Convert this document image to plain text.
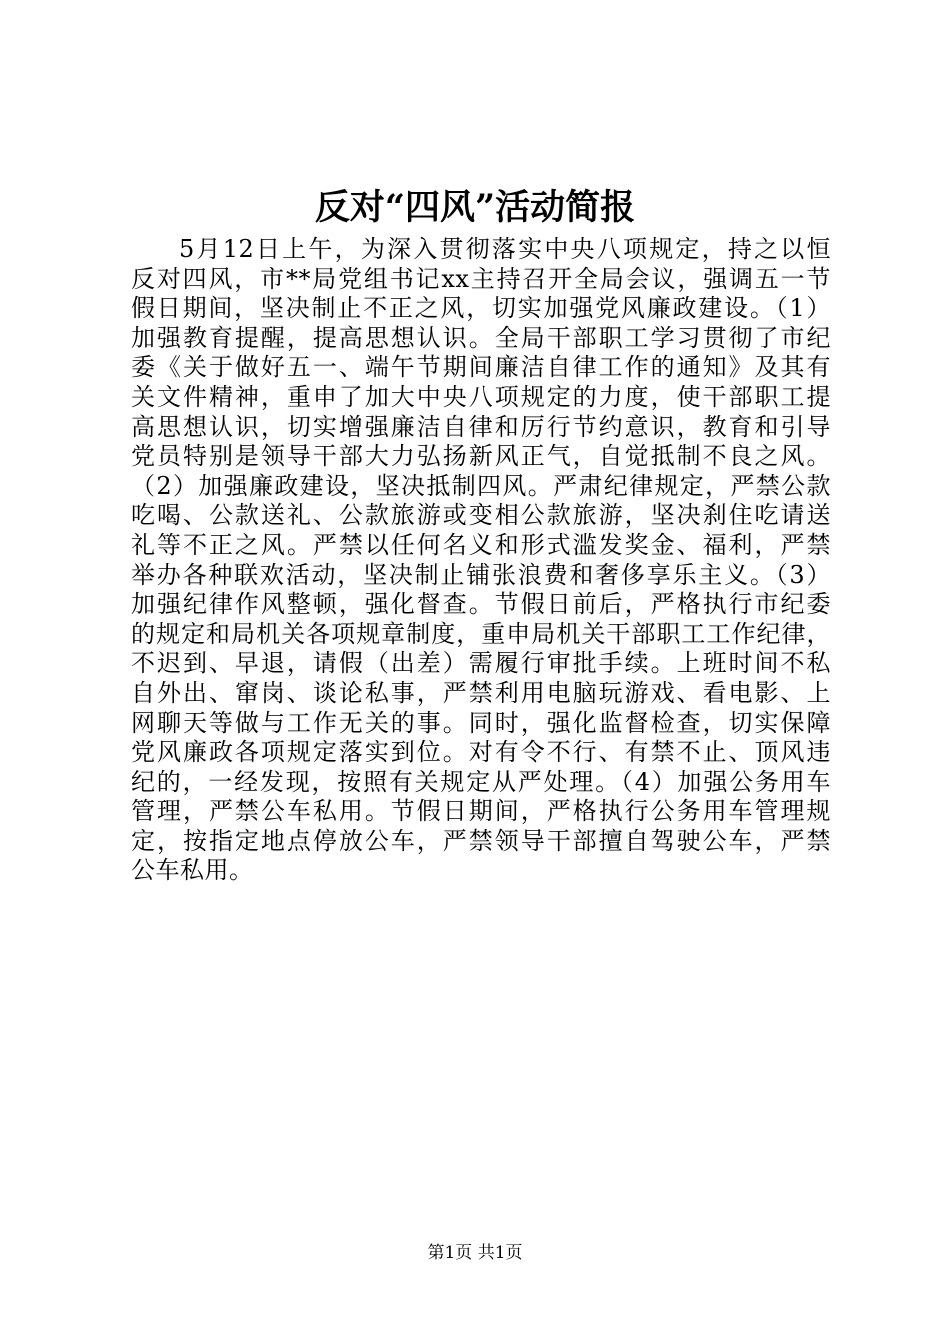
反对“四风”活动简报
5月12日上午，为深入贯彻落实中央八项规定，持之以恒
反对四风，市**局党组书记xx主持召开全局会议，强调五一节
假日期间，坚决制止不正之风，切实加强党风廉政建设。（1）
加强教育提醒，提高思想认识。全局干部职工学习贯彻了市纪
委《关于做好五一、端午节期间廉洁自律工作的通知》及其有
关文件精神，重申了加大中央八项规定的力度，使干部职工提
高思想认识，切实增强廉洁自律和厉行节约意识，教育和引导
党员特别是领导干部大力弘扬新风正气，自觉抵制不良之风。
（2）加强廉政建设，坚决抵制四风。严肃纪律规定，严禁公款
吃喝、公款送礼、公款旅游或变相公款旅游，坚决刹住吃请送
礼等不正之风。严禁以任何名义和形式滥发奖金、福利，严禁
举办各种联欢活动，坚决制止铺张浪费和奢侈享乐主义。（3）
加强纪律作风整顿，强化督查。节假日前后，严格执行市纪委
的规定和局机关各项规章制度，重申局机关干部职工工作纪律，
不迟到、早退，请假（出差）需履行审批手续。上班时间不私
自外出、窜岗、谈论私事，严禁利用电脑玩游戏、看电影、上
网聊天等做与工作无关的事。同时，强化监督检查，切实保障
党风廉政各项规定落实到位。对有令不行、有禁不止、顶风违
纪的，一经发现，按照有关规定从严处理。（4）加强公务用车
管理，严禁公车私用。节假日期间，严格执行公务用车管理规
定，按指定地点停放公车，严禁领导干部擅自驾驶公车，严禁
公车私用。
第1页 共1页
